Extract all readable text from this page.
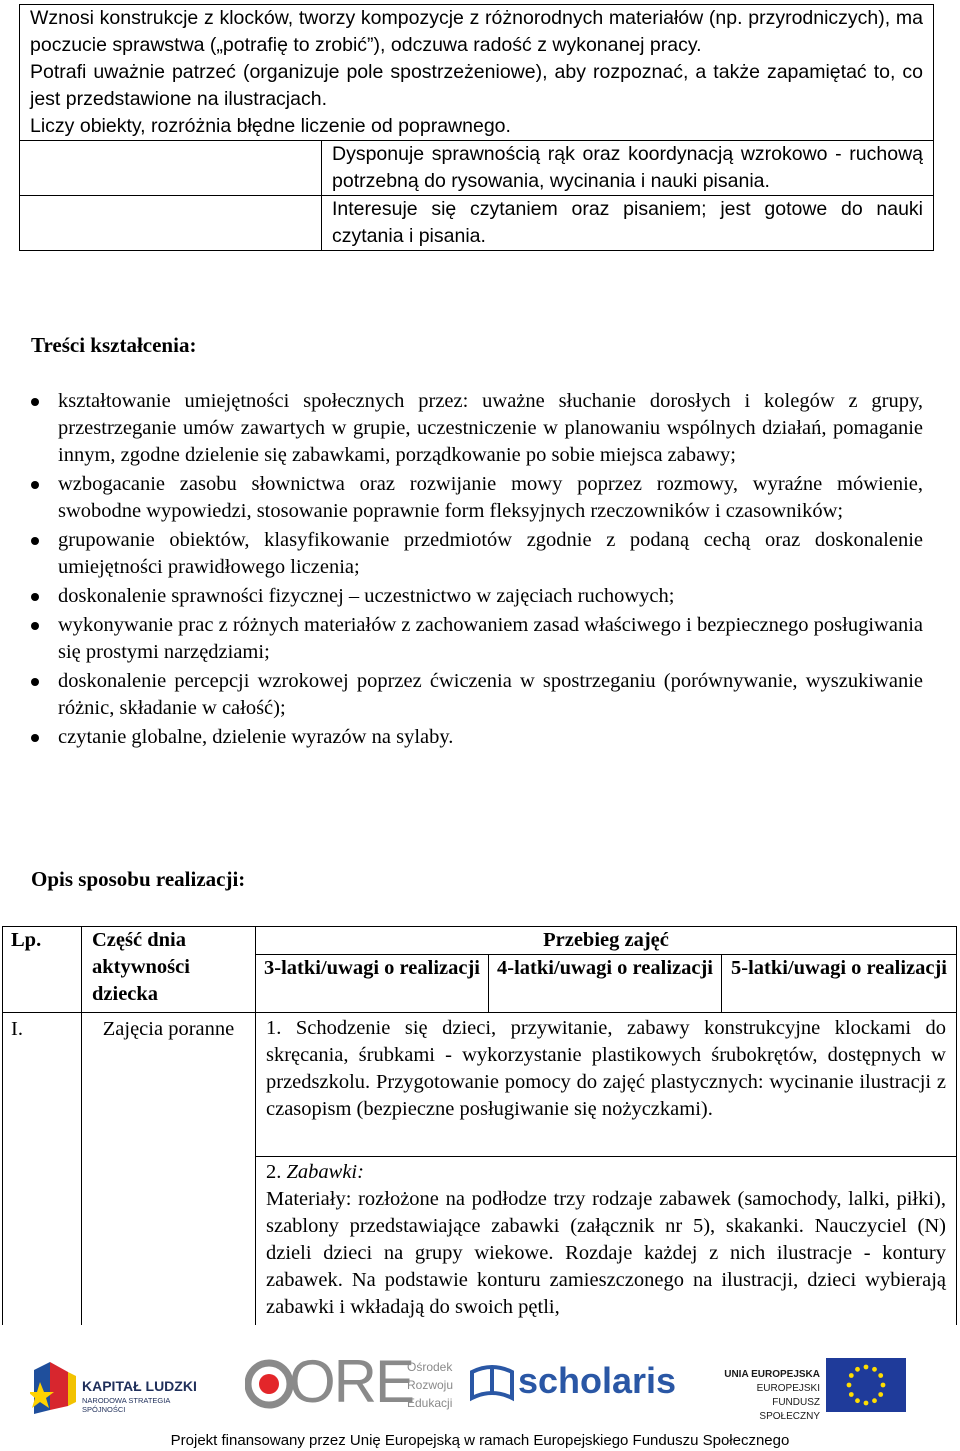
Wznosi konstrukcje z klocków, tworzy kompozycje z różnorodnych materiałów (np. przyrodniczych), ma poczucie sprawstwa („potrafię to zrobić”), odczuwa radość z wykonanej pracy.
Potrafi uważnie patrzeć (organizuje pole spostrzeżeniowe), aby rozpoznać, a także zapamiętać to, co jest przedstawione na ilustracjach.
Liczy obiekty, rozróżnia błędne liczenie od poprawnego.
Dysponuje sprawnością rąk oraz koordynacją wzrokowo - ruchową potrzebną do rysowania, wycinania i nauki pisania.
Interesuje się czytaniem oraz pisaniem; jest gotowe do nauki czytania i pisania.
Treści kształcenia:
kształtowanie umiejętności społecznych przez: uważne słuchanie dorosłych i kolegów z grupy, przestrzeganie umów zawartych w grupie, uczestniczenie w planowaniu wspólnych działań, pomaganie innym, zgodne dzielenie się zabawkami, porządkowanie po sobie miejsca zabawy;
wzbogacanie zasobu słownictwa oraz rozwijanie mowy poprzez rozmowy, wyraźne mówienie, swobodne wypowiedzi, stosowanie poprawnie form fleksyjnych rzeczowników i czasowników;
grupowanie obiektów, klasyfikowanie przedmiotów zgodnie z podaną cechą oraz doskonalenie umiejętności prawidłowego liczenia;
doskonalenie sprawności fizycznej – uczestnictwo w zajęciach ruchowych;
wykonywanie prac z różnych materiałów z zachowaniem zasad właściwego i bezpiecznego posługiwania się prostymi narzędziami;
doskonalenie percepcji wzrokowej poprzez ćwiczenia w spostrzeganiu (porównywanie, wyszukiwanie różnic, składanie w całość);
czytanie globalne, dzielenie wyrazów na sylaby.
Opis sposobu realizacji:
Lp.	Część dnia aktywności dziecka	Przebieg zajęć		
		3-latki/uwagi o realizacji	4-latki/uwagi o realizacji	5-latki/uwagi o realizacji
I.	Zajęcia poranne	1. Schodzenie się dzieci, przywitanie, zabawy konstrukcyjne klockami do skręcania, śrubkami - wykorzystanie plastikowych śrubokrętów, dostępnych w przedszkolu. Przygotowanie pomocy do zajęć plastycznych: wycinanie ilustracji z czasopism (bezpieczne posługiwanie się nożyczkami).		
		2. Zabawki:
Materiały: rozłożone na podłodze trzy rodzaje zabawek (samochody, lalki, piłki), szablony przedstawiające zabawki (załącznik nr 5), skakanki. Nauczyciel (N) dzieli dzieci na grupy wiekowe. Rozdaje każdej z nich ilustracje - kontury zabawek. Na podstawie konturu zamieszczonego na ilustracji, dzieci wybierają zabawki i wkładają do swoich pętli,		
KAPITAŁ LUDZKI
NARODOWA STRATEGIA SPÓJNOŚCI	ORE
Ośrodek
Rozwoju
Edukacji
scholaris	UNIA EUROPEJSKA
EUROPEJSKI
FUNDUSZ SPOŁECZNY
Projekt finansowany przez Unię Europejską w ramach Europejskiego Funduszu Społecznego
